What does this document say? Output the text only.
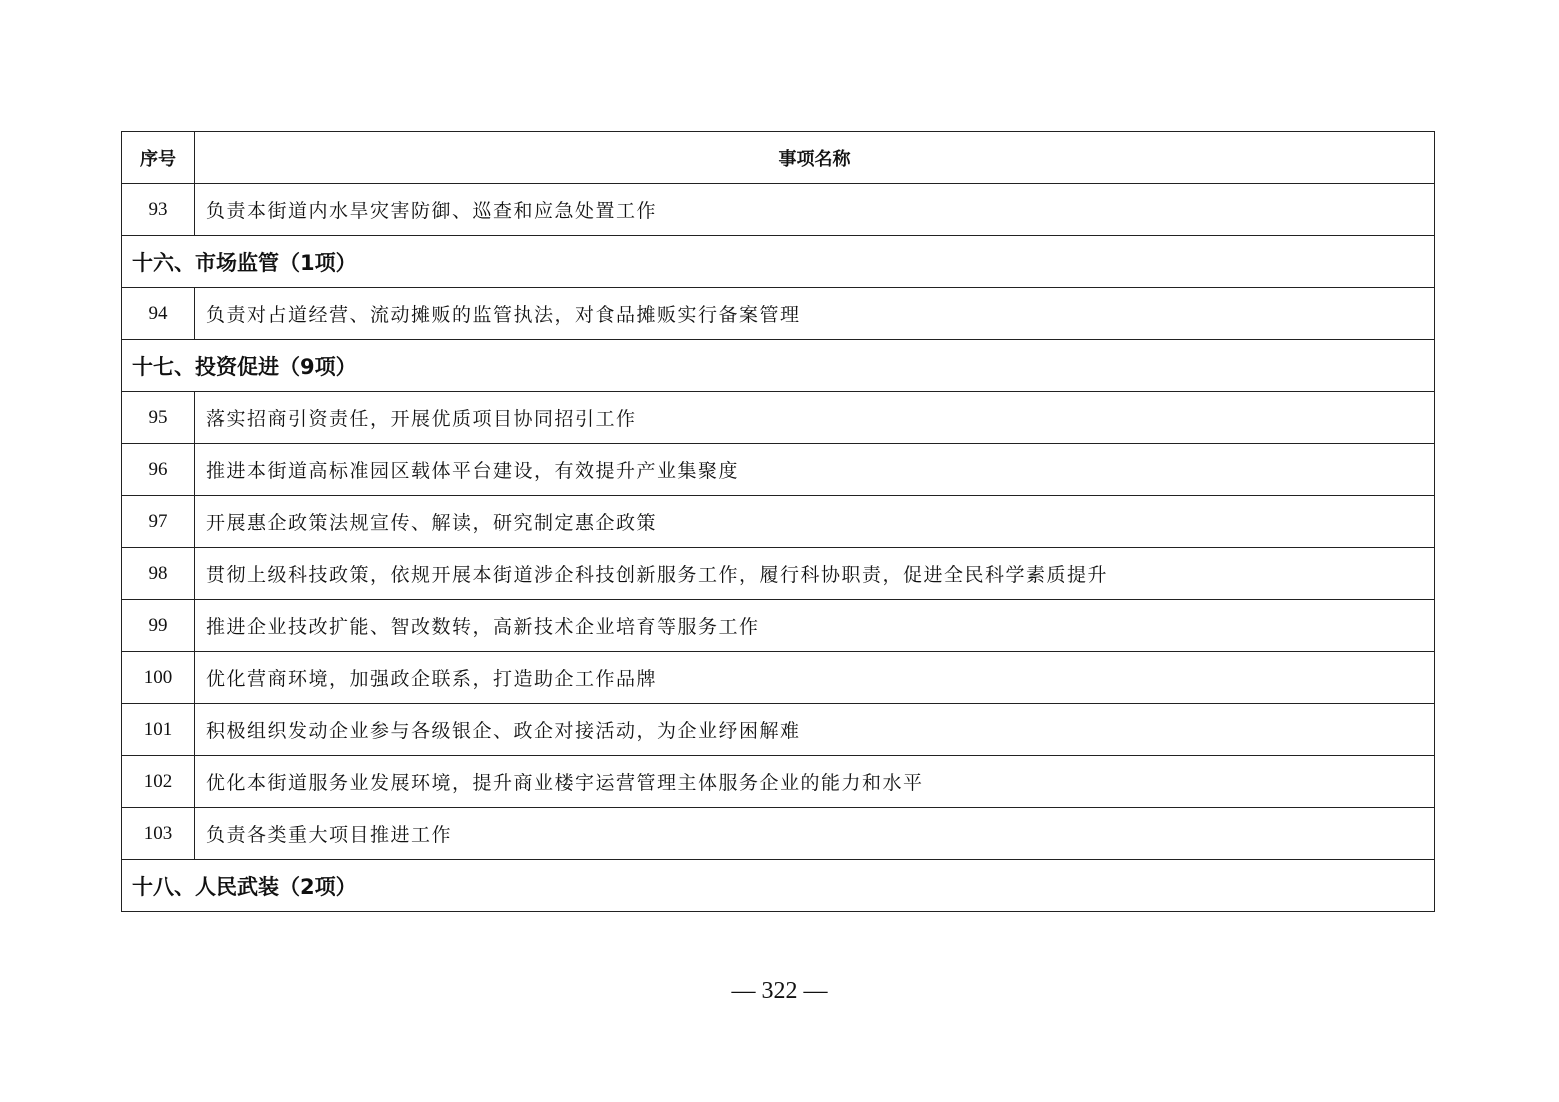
序号	事项名称
93	负责本街道内水旱灾害防御、巡查和应急处置工作
十六、市场监管（1项）	
94	负责对占道经营、流动摊贩的监管执法，对食品摊贩实行备案管理
十七、投资促进（9项）	
95	落实招商引资责任，开展优质项目协同招引工作
96	推进本街道高标准园区载体平台建设，有效提升产业集聚度
97	开展惠企政策法规宣传、解读，研究制定惠企政策
98	贯彻上级科技政策，依规开展本街道涉企科技创新服务工作，履行科协职责，促进全民科学素质提升
99	推进企业技改扩能、智改数转，高新技术企业培育等服务工作
100	优化营商环境，加强政企联系，打造助企工作品牌
101	积极组织发动企业参与各级银企、政企对接活动，为企业纾困解难
102	优化本街道服务业发展环境，提升商业楼宇运营管理主体服务企业的能力和水平
103	负责各类重大项目推进工作
十八、人民武装（2项）	
— 322 —
